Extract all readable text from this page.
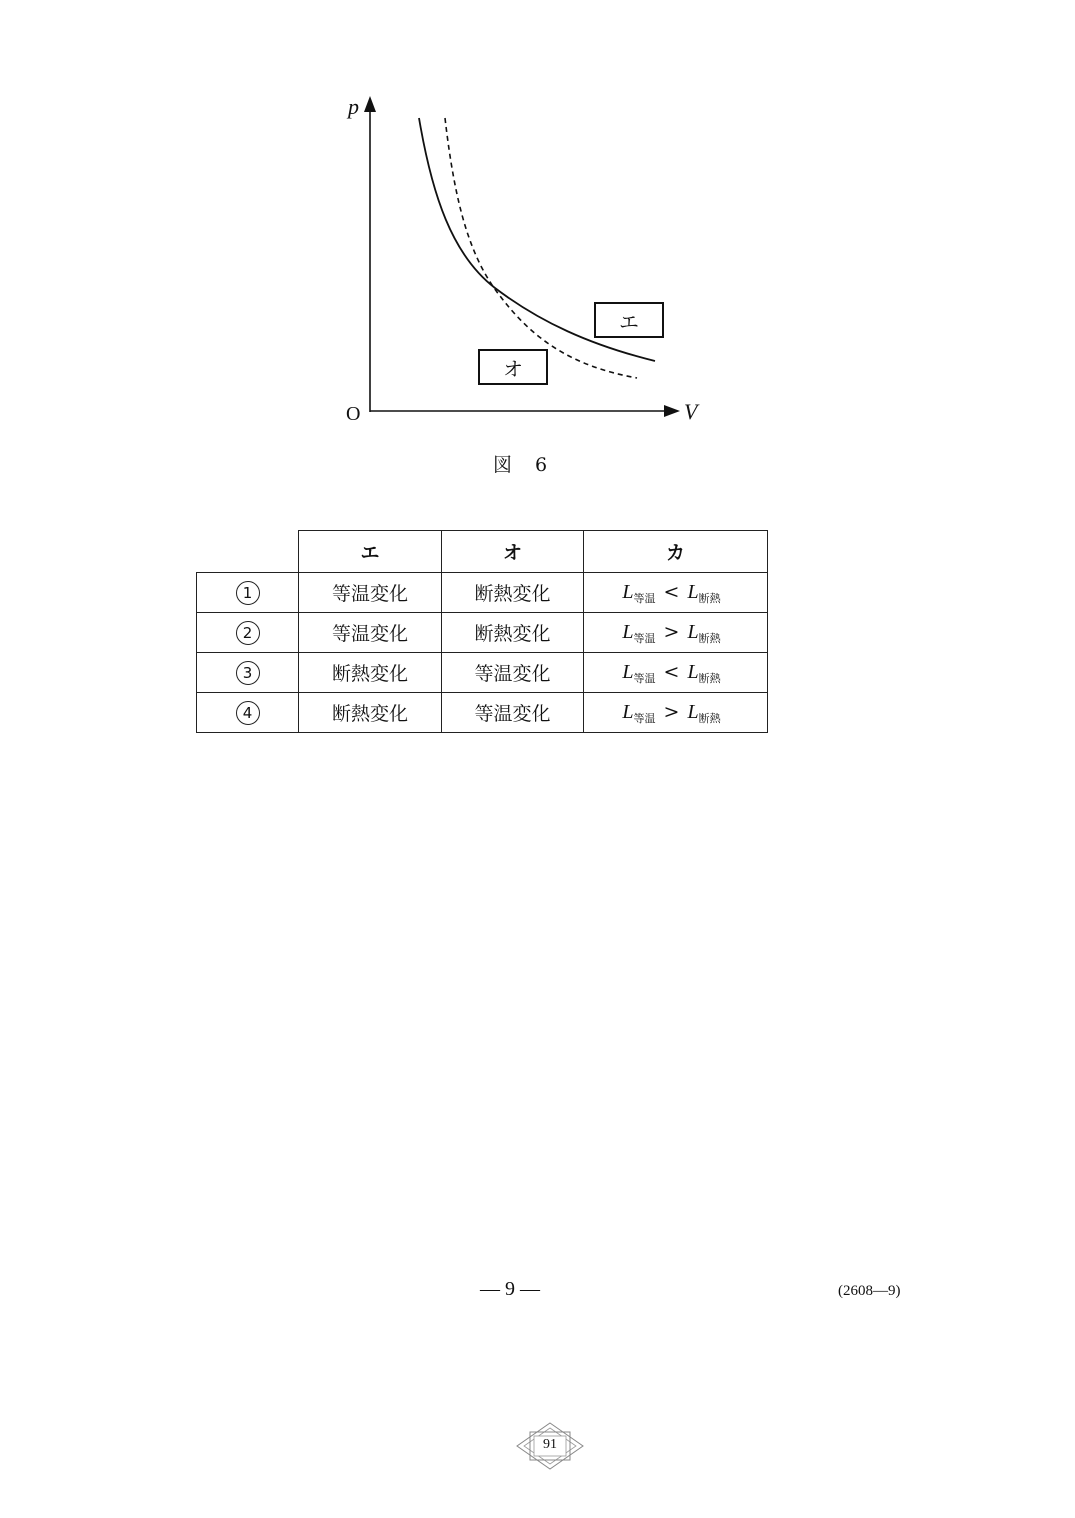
p
V
O
エ
オ
図　6
	エ	オ	カ
1	等温変化	断熱変化	$L_{等温} < L_{断熱}$
2	等温変化	断熱変化	$L_{等温} > L_{断熱}$
3	断熱変化	等温変化	$L_{等温} < L_{断熱}$
4	断熱変化	等温変化	$L_{等温} > L_{断熱}$
— 9 —	(2608—9)
91
